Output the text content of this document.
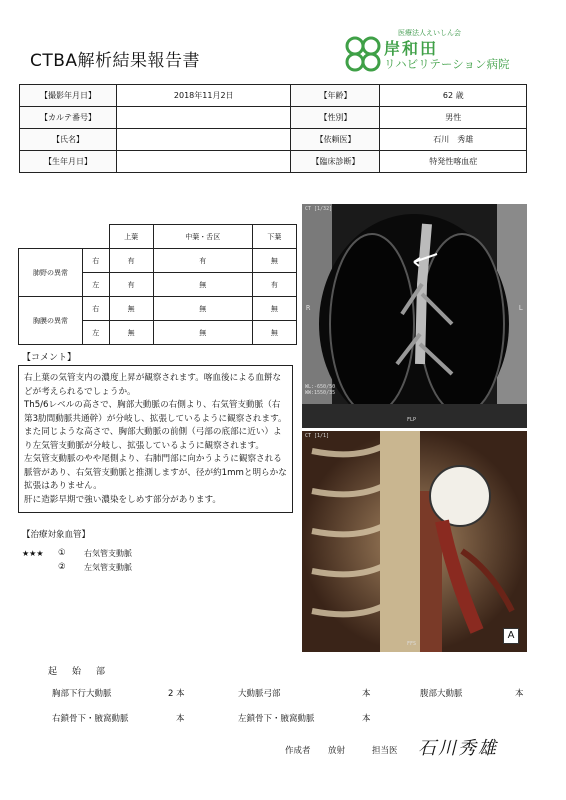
CTBA解析結果報告書
医療法人えいしん会
岸和田
リハビリテーション病院
【撮影年月日】	2018年11月2日	【年齢】	62 歳
【カルテ番号】		【性別】	男性
【氏名】		【依頼医】	石川　秀雄
【生年月日】		【臨床診断】	特発性喀血症
		上葉	中葉・舌区	下葉
肺野の異常	右	有	有	無
	左	有	無	有
胸膜の異常	右	無	無	無
	左	無	無	無
【コメント】

右上葉の気管支内の濃度上昇が観察されます。喀血後による血餅などが考えられるでしょうか。

Th5/6レベルの高さで、胸部大動脈の右側より、右気管支動脈（右第3肋間動脈共通幹）が分岐し、拡張しているように観察されます。

また同じような高さで、胸部大動脈の前側（弓部の底部に近い）より左気管支動脈が分岐し、拡張しているように観察されます。

左気管支動脈のやや尾側より、右肺門部に向かうように観察される脈管があり、右気管支動脈と推測しますが、径が約1mmと明らかな拡張はありません。

肝に造影早期で強い濃染をしめす部分があります。

【治療対象血管】
★★★ ① 右気管支動脈
② 左気管支動脈
CT [1/32]
WL:-650/50
WW:1550/35
R	L
FLP
CT [1/1]
FFS
A
起　始　部
胸部下行大動脈	2 本	大動脈弓部	本	腹部大動脈	本
右鎖骨下・腋窩動脈	本	左鎖骨下・腋窩動脈	本
作成者 放射	担当医 石川秀雄
